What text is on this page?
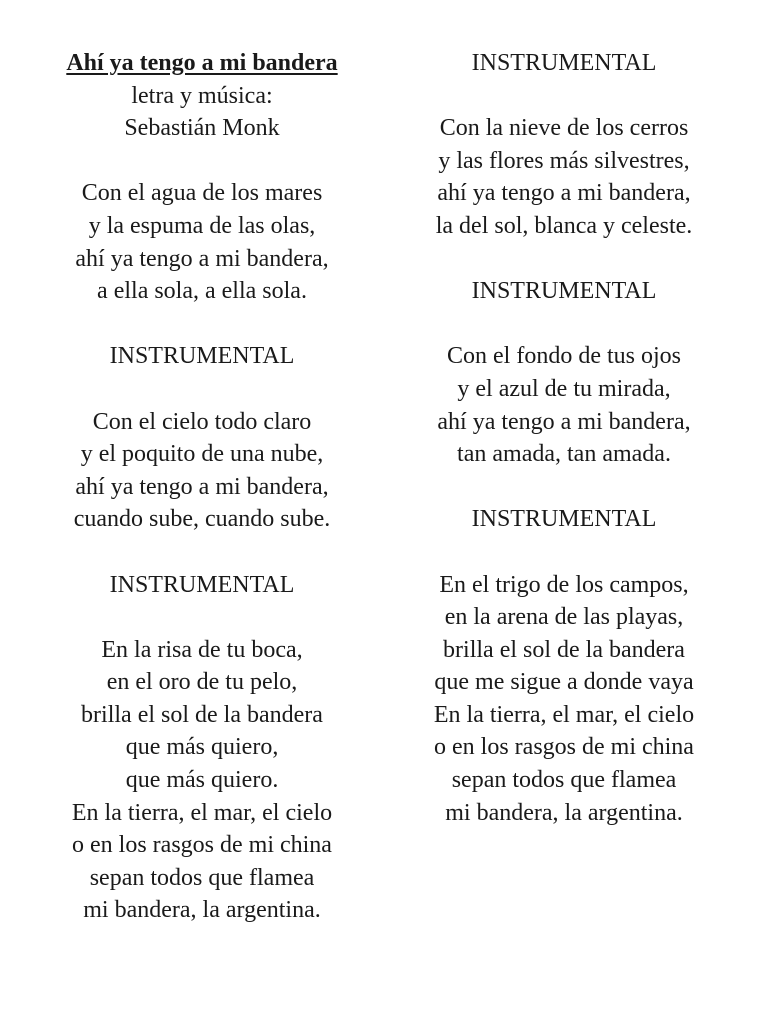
Ahí ya tengo a mi bandera
letra y música:
Sebastián Monk
Con el agua de los mares
y la espuma de las olas,
ahí ya tengo a mi bandera,
a ella sola, a ella sola.
INSTRUMENTAL
Con el cielo todo claro
y el poquito de una nube,
ahí ya tengo a mi bandera,
cuando sube, cuando sube.
INSTRUMENTAL
En la risa de tu boca,
en el oro de tu pelo,
brilla el sol de la bandera
que más quiero,
que más quiero.
En la tierra, el mar, el cielo
o en los rasgos de mi china
sepan todos que flamea
mi bandera, la argentina.
INSTRUMENTAL
Con la nieve de los cerros
y las flores más silvestres,
ahí ya tengo a mi bandera,
la del sol, blanca y celeste.
INSTRUMENTAL
Con el fondo de tus ojos
y el azul de tu mirada,
ahí ya tengo a mi bandera,
tan amada, tan amada.
INSTRUMENTAL
En el trigo de los campos,
en la arena de las playas,
brilla el sol de la bandera
que me sigue a donde vaya
En la tierra, el mar, el cielo
o en los rasgos de mi china
sepan todos que flamea
mi bandera, la argentina.
